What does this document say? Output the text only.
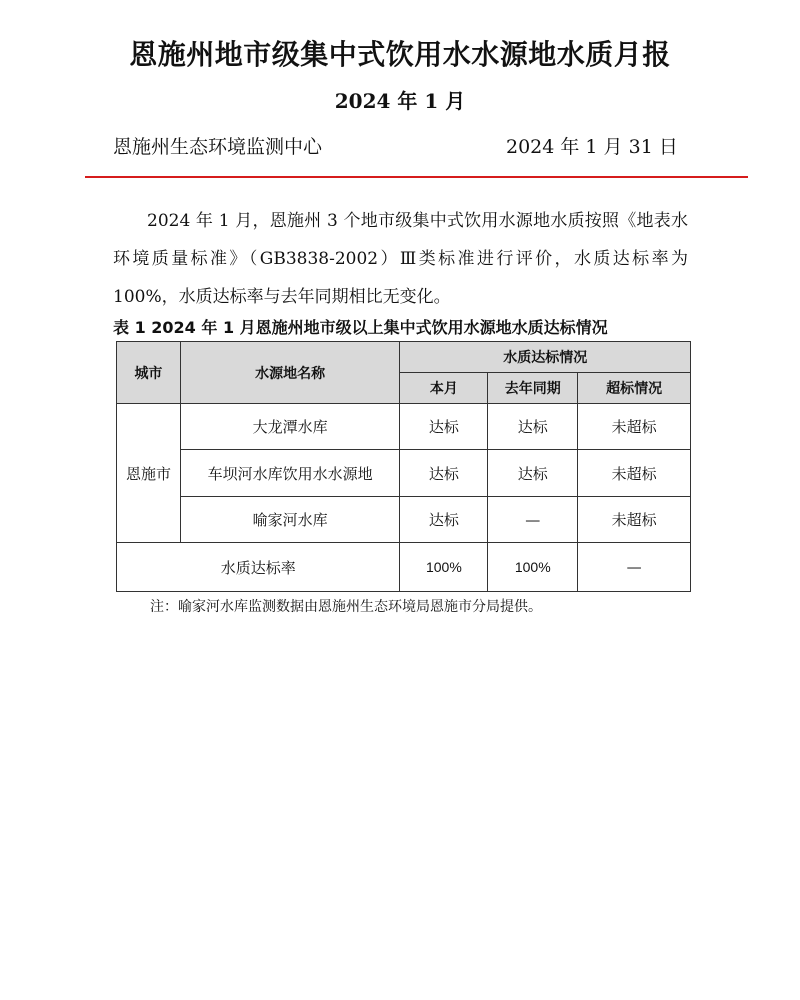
恩施州地市级集中式饮用水水源地水质月报
2024 年 1 月
恩施州生态环境监测中心	2024 年 1 月 31 日

2024 年 1 月，恩施州 3 个地市级集中式饮用水源地水质按照《地表水环境质量标准》（GB3838-2002）Ⅲ类标准进行评价，水质达标率为 100%，水质达标率与去年同期相比无变化。

表 1 2024 年 1 月恩施州地市级以上集中式饮用水源地水质达标情况
城市	水源地名称	水质达标情况		
		本月	去年同期	超标情况
恩施市	大龙潭水库	达标	达标	未超标
	车坝河水库饮用水水源地	达标	达标	未超标
	喻家河水库	达标	—	未超标
水质达标率		100%	100%	—
注：喻家河水库监测数据由恩施州生态环境局恩施市分局提供。
